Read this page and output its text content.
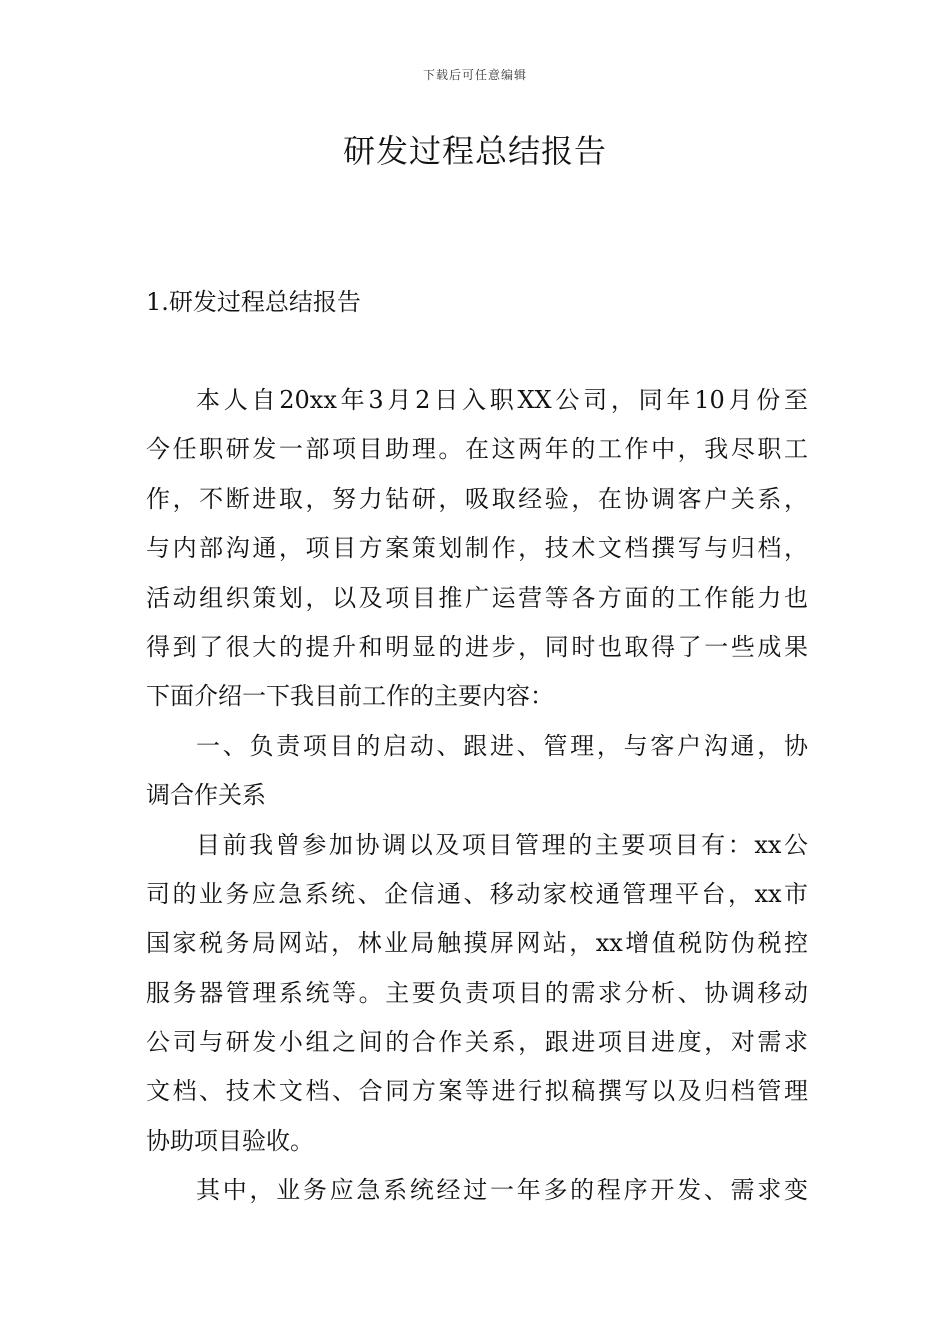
下载后可任意编辑
研发过程总结报告
1.研发过程总结报告
本人自20xx年3月2日入职XX公司，同年10月份至
今任职研发一部项目助理。在这两年的工作中，我尽职工
作，不断进取，努力钻研，吸取经验，在协调客户关系，
与内部沟通，项目方案策划制作，技术文档撰写与归档，
活动组织策划，以及项目推广运营等各方面的工作能力也
得到了很大的提升和明显的进步，同时也取得了一些成果
下面介绍一下我目前工作的主要内容：
一、负责项目的启动、跟进、管理，与客户沟通，协
调合作关系
目前我曾参加协调以及项目管理的主要项目有：xx公
司的业务应急系统、企信通、移动家校通管理平台，xx市
国家税务局网站，林业局触摸屏网站，xx增值税防伪税控
服务器管理系统等。主要负责项目的需求分析、协调移动
公司与研发小组之间的合作关系，跟进项目进度，对需求
文档、技术文档、合同方案等进行拟稿撰写以及归档管理
协助项目验收。
其中，业务应急系统经过一年多的程序开发、需求变
